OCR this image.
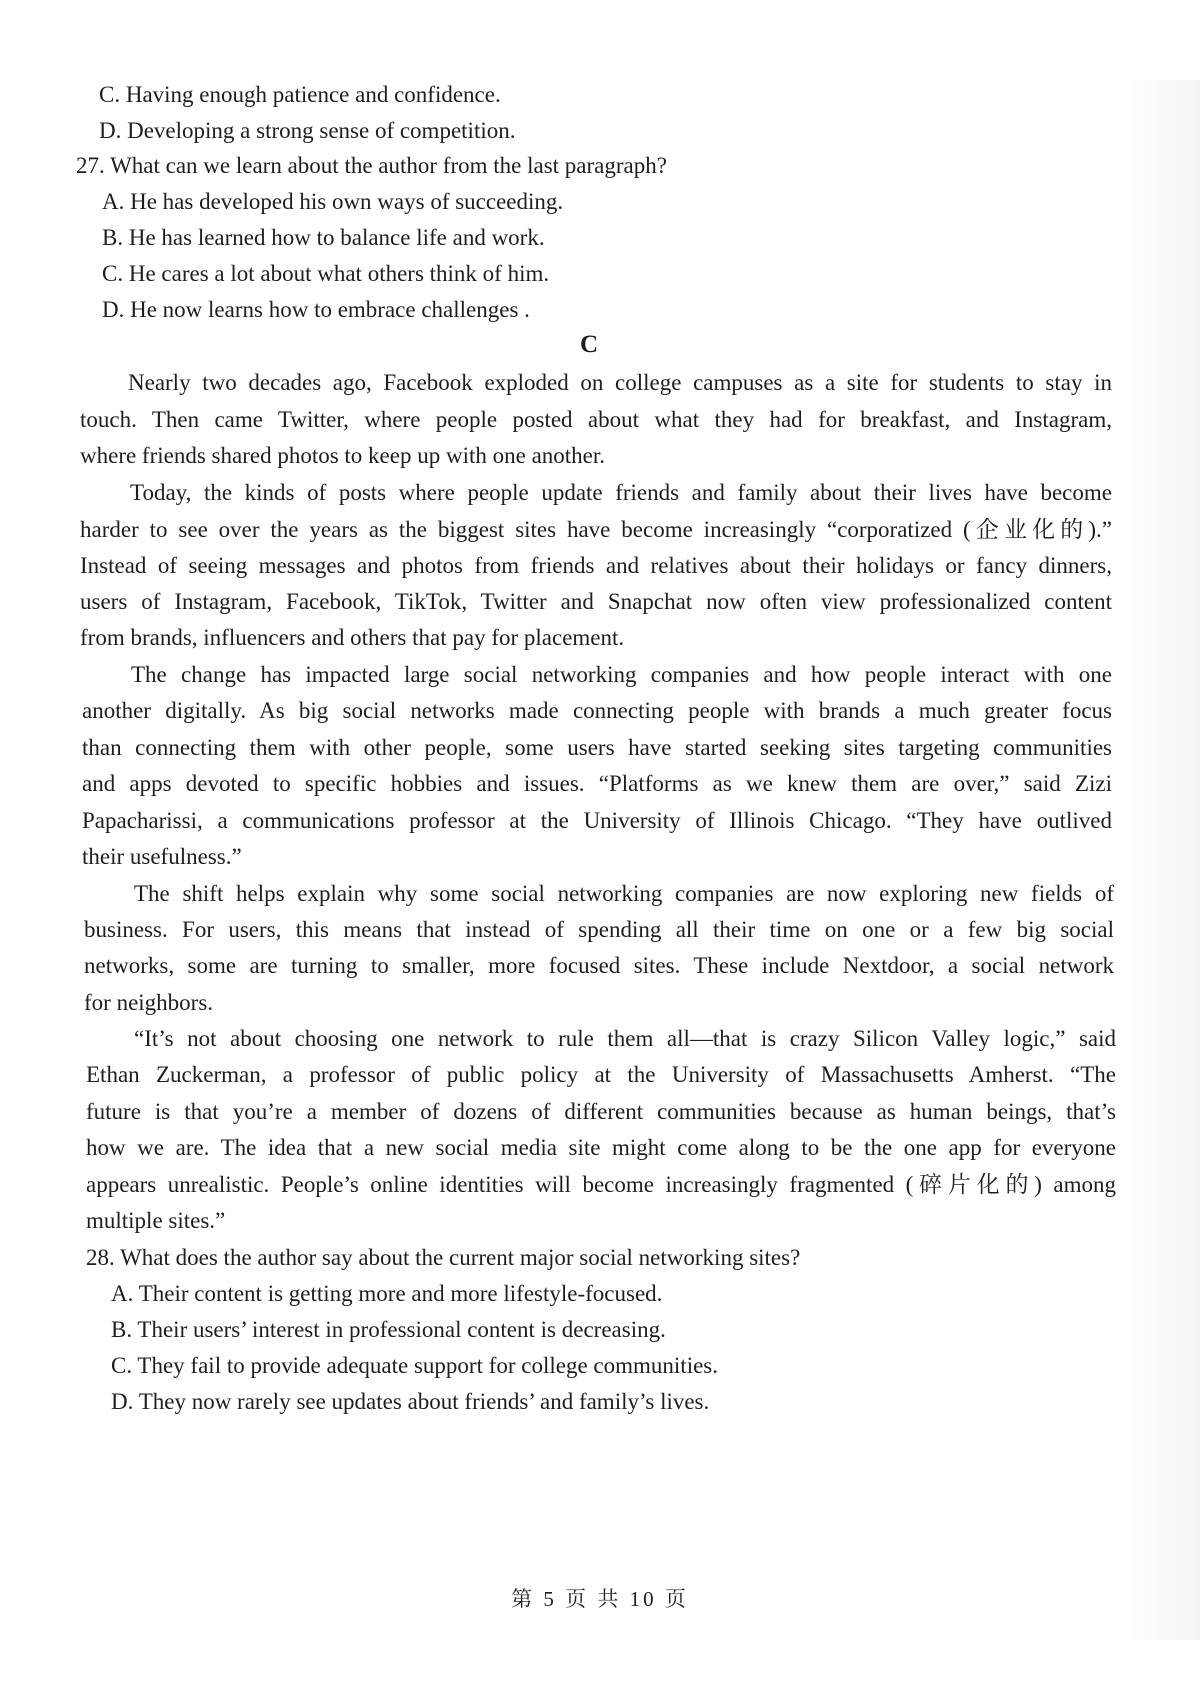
C. Having enough patience and confidence.
D. Developing a strong sense of competition.
27. What can we learn about the author from the last paragraph?
A. He has developed his own ways of succeeding.
B. He has learned how to balance life and work.
C. He cares a lot about what others think of him.
D. He now learns how to embrace challenges .
C
Nearly two decades ago, Facebook exploded on college campuses as a site for students to stay in
touch. Then came Twitter, where people posted about what they had for breakfast, and Instagram,
where friends shared photos to keep up with one another.
Today, the kinds of posts where people update friends and family about their lives have become
harder to see over the years as the biggest sites have become increasingly “corporatized (企业化的).”
Instead of seeing messages and photos from friends and relatives about their holidays or fancy dinners,
users of Instagram, Facebook, TikTok, Twitter and Snapchat now often view professionalized content
from brands, influencers and others that pay for placement.
The change has impacted large social networking companies and how people interact with one
another digitally. As big social networks made connecting people with brands a much greater focus
than connecting them with other people, some users have started seeking sites targeting communities
and apps devoted to specific hobbies and issues. “Platforms as we knew them are over,” said Zizi
Papacharissi, a communications professor at the University of Illinois Chicago. “They have outlived
their usefulness.”
The shift helps explain why some social networking companies are now exploring new fields of
business. For users, this means that instead of spending all their time on one or a few big social
networks, some are turning to smaller, more focused sites. These include Nextdoor, a social network
for neighbors.
“It’s not about choosing one network to rule them all—that is crazy Silicon Valley logic,” said
Ethan Zuckerman, a professor of public policy at the University of Massachusetts Amherst. “The
future is that you’re a member of dozens of different communities because as human beings, that’s
how we are. The idea that a new social media site might come along to be the one app for everyone
appears unrealistic. People’s online identities will become increasingly fragmented (碎片化的) among
multiple sites.”
28. What does the author say about the current major social networking sites?
A. Their content is getting more and more lifestyle-focused.
B. Their users’ interest in professional content is decreasing.
C. They fail to provide adequate support for college communities.
D. They now rarely see updates about friends’ and family’s lives.
第 5 页 共 10 页
